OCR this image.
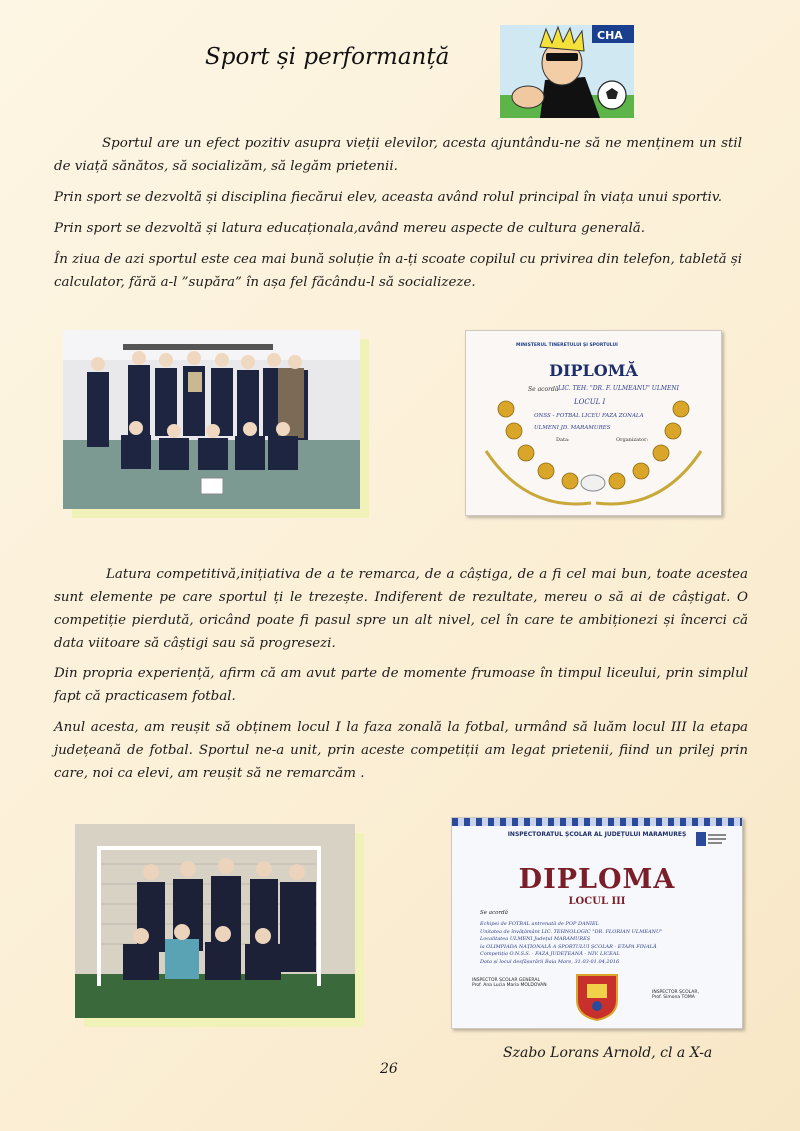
Sport și performanță
CHA

Sportul are un efect pozitiv asupra vieții elevilor, acesta ajuntându-ne să ne menținem un stil de viață sănătos, să socializăm, să legăm prietenii.

Prin sport se dezvoltă și disciplina fiecărui elev, aceasta având rolul principal în viața unui sportiv.

Prin sport se dezvoltă și latura educaționala,având mereu aspecte de cultura generală.

În ziua de azi sportul este cea mai bună soluție în a-ți scoate copilul cu privirea din telefon, tabletă și calculator, fără a-l ”supăra” în așa fel făcându-l să socializeze.

MINISTERUL TINERETULUI ȘI SPORTULUI
DIPLOMĂ
Se acordă LIC. TEH. "DR. F. ULMEANU" ULMENI
LOCUL I
ONSS - FOTBAL LICEU FAZA ZONALA
ULMENI JD. MARAMURES
Data:	Organizator:

Latura competitivă,inițiativa de a te remarca, de a câștiga, de a fi cel mai bun, toate acestea sunt elemente pe care sportul ți le trezește. Indiferent de rezultate, mereu o să ai de câștigat. O competiție pierdută, oricând poate fi pasul spre un alt nivel, cel în care te ambiționezi și încerci că data viitoare să câștigi sau să progresezi.

Din propria experiență, afirm că am avut parte de momente frumoase în timpul liceului, prin simplul fapt că practicasem fotbal.

Anul acesta, am reușit să obținem locul I la faza zonală la fotbal, urmând să luăm locul III la etapa județeană de fotbal. Sportul ne-a unit, prin aceste competiții am legat prietenii, fiind un prilej prin care, noi ca elevi, am reușit să ne remarcăm .

INSPECTORATUL ȘCOLAR AL JUDEȚULUI MARAMUREȘ
DIPLOMA
LOCUL III
Se acordă
Echipei de FOTBAL antrenată de POP DANIEL
Unitatea de învățământ LIC. TEHNOLOGIC "DR. FLORIAN ULMEANU"
Localitatea ULMENI Județul MARAMUREȘ
la OLIMPIADA NAȚIONALĂ A SPORTULUI ȘCOLAR - ETAPA FINALĂ
Competiția O.N.S.S. - FAZA JUDEȚEANĂ - NIV. LICEAL
Data și locul desfășurării Baia Mare, 31.03-01.04.2016
INSPECTOR ȘCOLAR GENERAL
Prof. Ana Lucia Maria MOLDOVAN
INSPECTOR ȘCOLAR,
Prof. Simona TOMA
Szabo Lorans Arnold, cl a X-a
26
